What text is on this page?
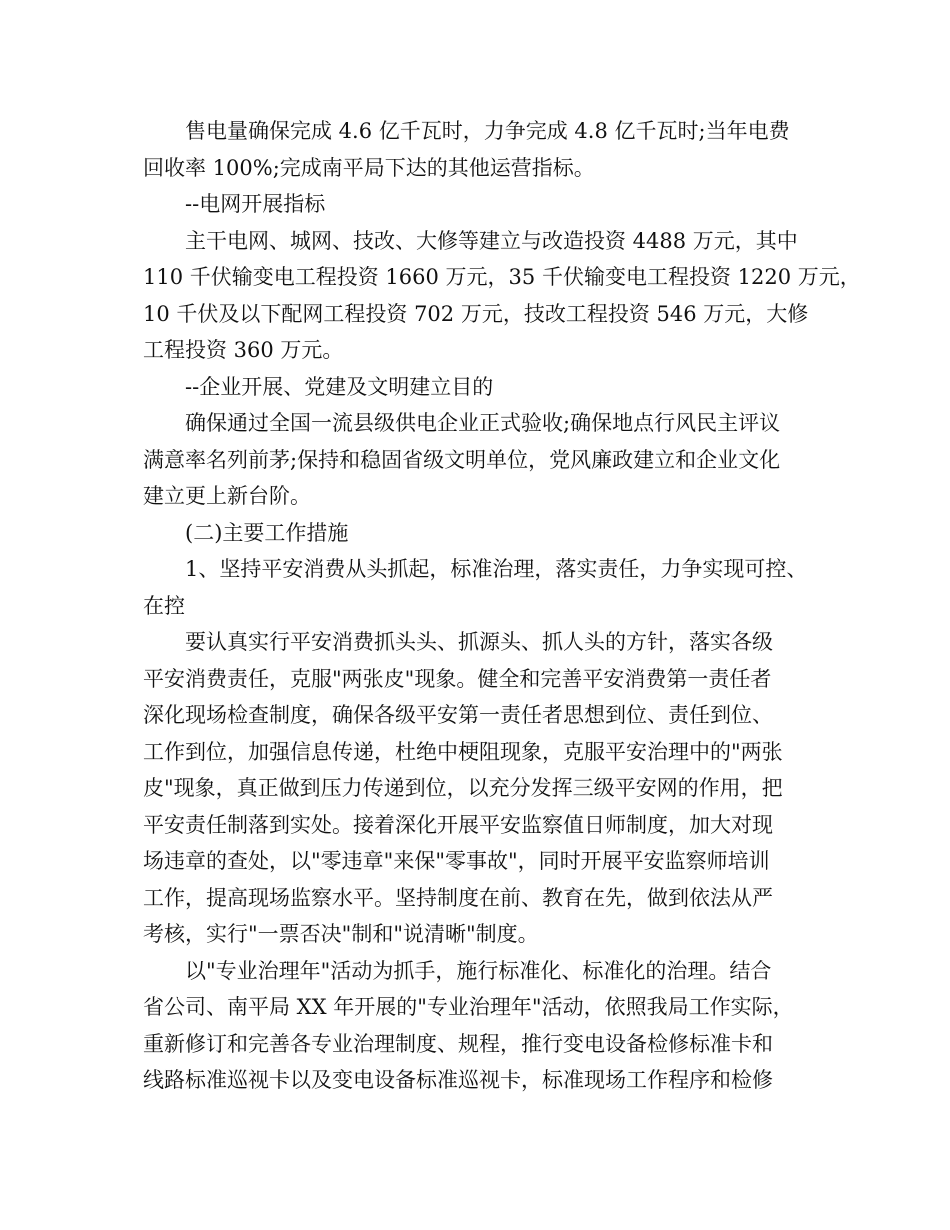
售电量确保完成 4.6 亿千瓦时，力争完成 4.8 亿千瓦时;当年电费
回收率 100%;完成南平局下达的其他运营指标。
--电网开展指标
主干电网、城网、技改、大修等建立与改造投资 4488 万元，其中
110 千伏输变电工程投资 1660 万元，35 千伏输变电工程投资 1220 万元，
10 千伏及以下配网工程投资 702 万元，技改工程投资 546 万元，大修
工程投资 360 万元。
--企业开展、党建及文明建立目的
确保通过全国一流县级供电企业正式验收;确保地点行风民主评议
满意率名列前茅;保持和稳固省级文明单位，党风廉政建立和企业文化
建立更上新台阶。
(二)主要工作措施
1、坚持平安消费从头抓起，标准治理，落实责任，力争实现可控、
在控
要认真实行平安消费抓头头、抓源头、抓人头的方针，落实各级
平安消费责任，克服"两张皮"现象。健全和完善平安消费第一责任者
深化现场检查制度，确保各级平安第一责任者思想到位、责任到位、
工作到位，加强信息传递，杜绝中梗阻现象，克服平安治理中的"两张
皮"现象，真正做到压力传递到位，以充分发挥三级平安网的作用，把
平安责任制落到实处。接着深化开展平安监察值日师制度，加大对现
场违章的查处，以"零违章"来保"零事故"，同时开展平安监察师培训
工作，提高现场监察水平。坚持制度在前、教育在先，做到依法从严
考核，实行"一票否决"制和"说清晰"制度。
以"专业治理年"活动为抓手，施行标准化、标准化的治理。结合
省公司、南平局 XX 年开展的"专业治理年"活动，依照我局工作实际，
重新修订和完善各专业治理制度、规程，推行变电设备检修标准卡和
线路标准巡视卡以及变电设备标准巡视卡，标准现场工作程序和检修
